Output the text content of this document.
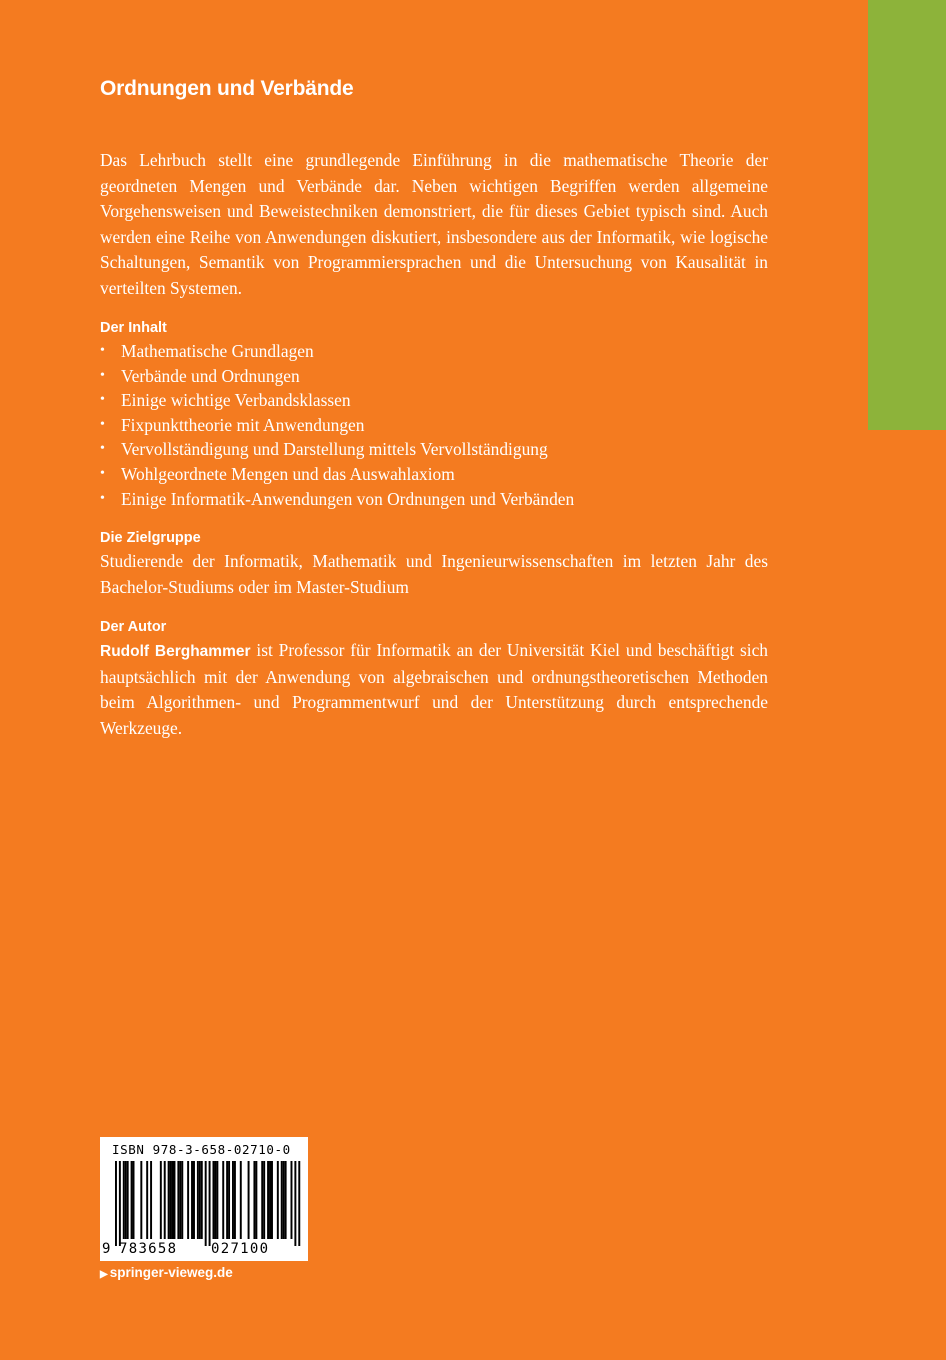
Ordnungen und Verbände

Das Lehrbuch stellt eine grundlegende Einführung in die mathematische Theorie der geordneten Mengen und Verbände dar. Neben wichtigen Begriffen werden allgemeine Vorgehensweisen und Beweistechniken demonstriert, die für dieses Gebiet typisch sind. Auch werden eine Reihe von Anwendungen diskutiert, insbesondere aus der Informatik, wie logische Schaltungen, Semantik von Programmiersprachen und die Untersuchung von Kausalität in verteilten Systemen.

Der Inhalt
• Mathematische Grundlagen
• Verbände und Ordnungen
• Einige wichtige Verbandsklassen
• Fixpunkttheorie mit Anwendungen
• Vervollständigung und Darstellung mittels Vervollständigung
• Wohlgeordnete Mengen und das Auswahlaxiom
• Einige Informatik-Anwendungen von Ordnungen und Verbänden
Die Zielgruppe

Studierende der Informatik, Mathematik und Ingenieurwissenschaften im letzten Jahr des Bachelor-Studiums oder im Master-Studium

Der Autor

Rudolf Berghammer ist Professor für Informatik an der Universität Kiel und beschäftigt sich hauptsächlich mit der Anwendung von algebraischen und ordnungstheoretischen Methoden beim Algorithmen- und Programmentwurf und der Unterstützung durch entsprechende Werkzeuge.

ISBN 978-3-658-02710-0
9 783658 027100
▶ springer-vieweg.de
